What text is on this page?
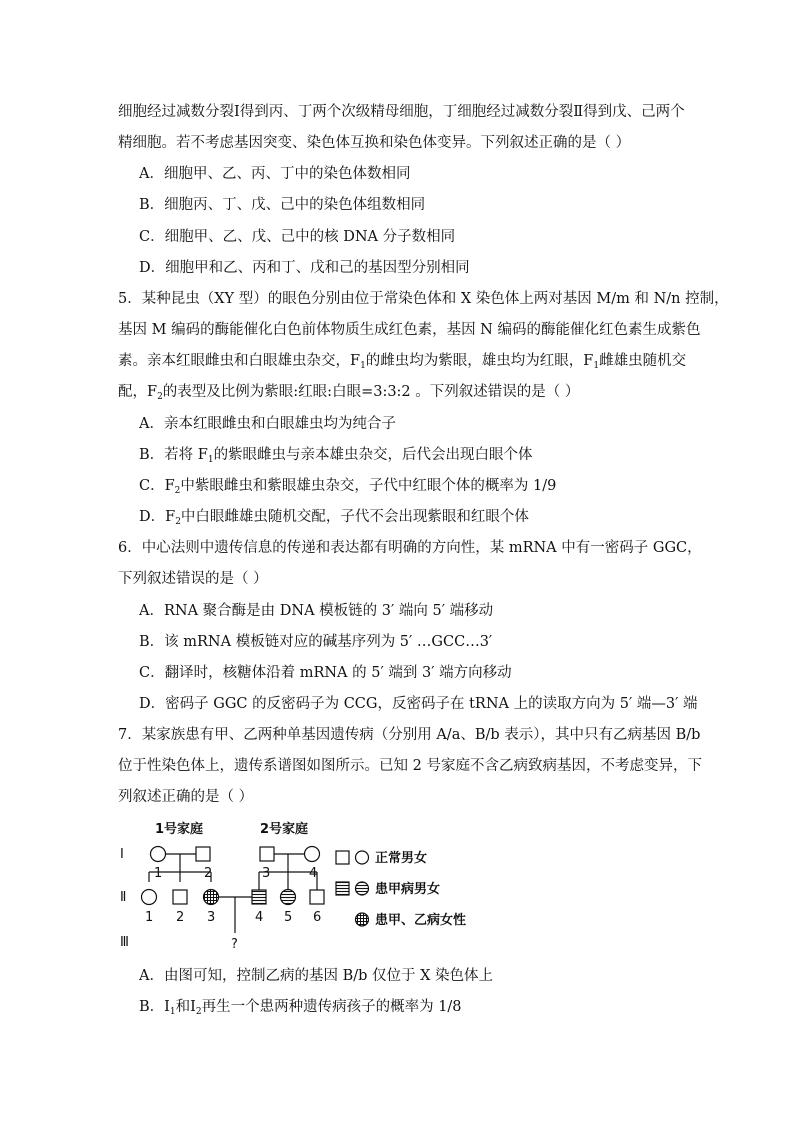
细胞经过减数分裂Ⅰ得到丙、丁两个次级精母细胞，丁细胞经过减数分裂Ⅱ得到戊、己两个
精细胞。若不考虑基因突变、染色体互换和染色体变异。下列叙述正确的是（ ）
A．细胞甲、乙、丙、丁中的染色体数相同
B．细胞丙、丁、戊、己中的染色体组数相同
C．细胞甲、乙、戊、己中的核 DNA 分子数相同
D．细胞甲和乙、丙和丁、戊和己的基因型分别相同
5．某种昆虫（XY 型）的眼色分别由位于常染色体和 X 染色体上两对基因 M/m 和 N/n 控制，
基因 M 编码的酶能催化白色前体物质生成红色素，基因 N 编码的酶能催化红色素生成紫色
素。亲本红眼雌虫和白眼雄虫杂交，$F_1$的雌虫均为紫眼，雄虫均为红眼，$F_1$雌雄虫随机交
配，$F_2$的表型及比例为紫眼:红眼:白眼=3:3:2 。下列叙述错误的是（ ）
A．亲本红眼雌虫和白眼雄虫均为纯合子
B．若将 $F_1$的紫眼雌虫与亲本雄虫杂交，后代会出现白眼个体
C．$F_2$中紫眼雌虫和紫眼雄虫杂交，子代中红眼个体的概率为 1/9
D．$F_2$中白眼雌雄虫随机交配，子代不会出现紫眼和红眼个体
6．中心法则中遗传信息的传递和表达都有明确的方向性，某 mRNA 中有一密码子 GGC，
下列叙述错误的是（ ）
A．RNA 聚合酶是由 DNA 模板链的 3′ 端向 5′ 端移动
B．该 mRNA 模板链对应的碱基序列为 5′ …GCC…3′
C．翻译时，核糖体沿着 mRNA 的 5′ 端到 3′ 端方向移动
D．密码子 GGC 的反密码子为 CCG，反密码子在 tRNA 上的读取方向为 5′ 端—3′ 端
7．某家族患有甲、乙两种单基因遗传病（分别用 A/a、B/b 表示），其中只有乙病基因 B/b
位于性染色体上，遗传系谱图如图所示。已知 2 号家庭不含乙病致病基因，不考虑变异，下
列叙述正确的是（ ）
1号家庭	2号家庭
Ⅰ
Ⅱ
Ⅲ
1	2	3	4
1 2 3	4 5 6
?
正常男女
患甲病男女
患甲、乙病女性
A．由图可知，控制乙病的基因 B/b 仅位于 X 染色体上
B．$Ⅰ_1$和$Ⅰ_2$再生一个患两种遗传病孩子的概率为 1/8
